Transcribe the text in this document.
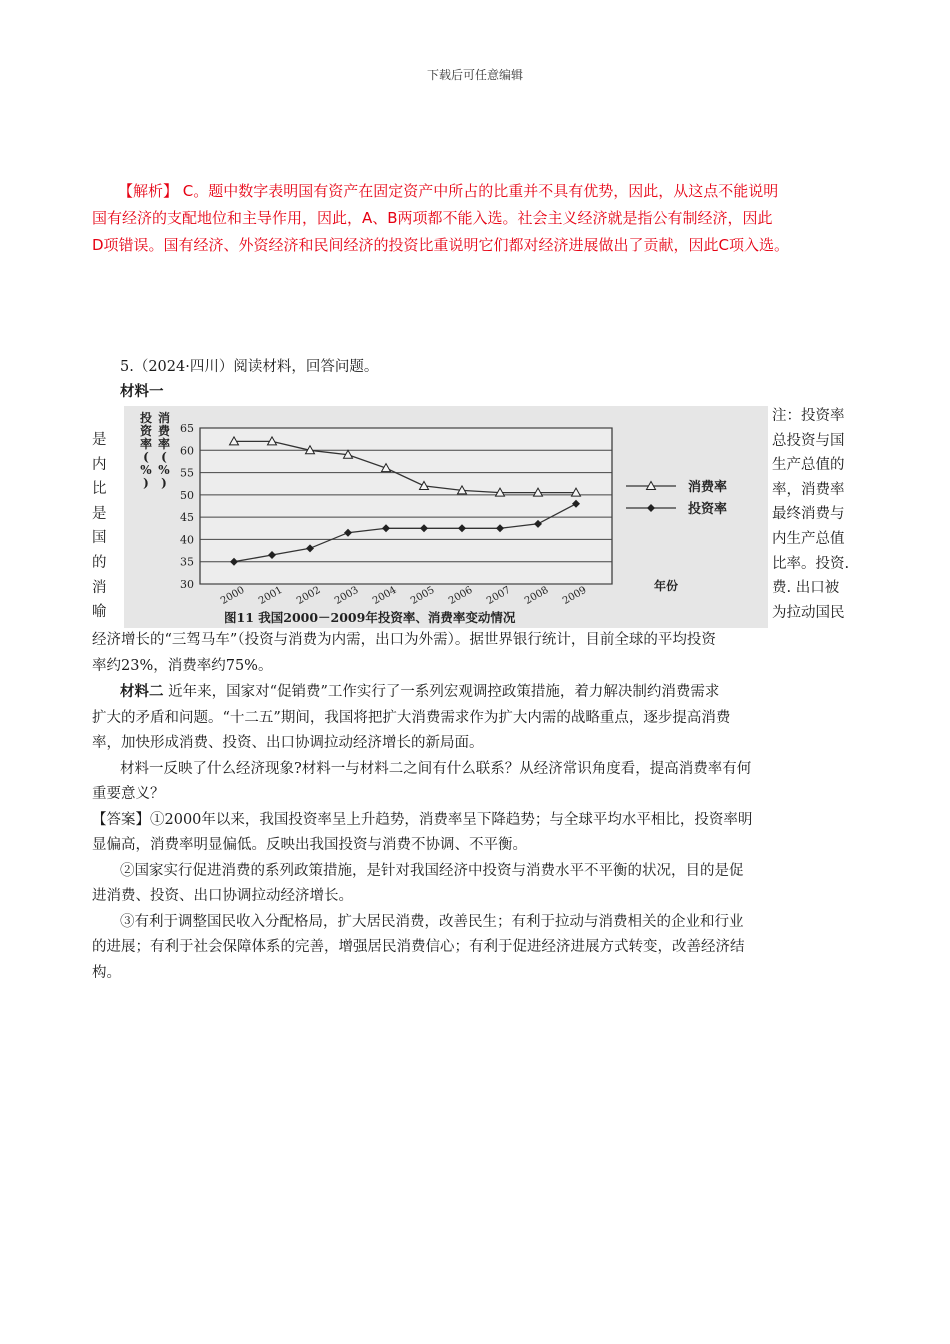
下载后可任意编辑

【解析】 C。题中数字表明国有资产在固定资产中所占的比重并不具有优势，因此，从这点不能说明

国有经济的支配地位和主导作用，因此，A、B两项都不能入选。社会主义经济就是指公有制经济，因此

D项错误。国有经济、外资经济和民间经济的投资比重说明它们都对经济进展做出了贡献，因此C项入选。

5.（2024·四川）阅读材料，回答问题。
材料一
是
内
比
是
国
的
消
喻
注：投资率
总投资与国
生产总值的
率，消费率
最终消费与
内生产总值
比率。投资.
费. 出口被
为拉动国民
30
35
40
45
50
55
60
65
投
资
率
(
%
)
消
费
率
(
%
)
2000 2001 2002 2003 2004 2005 2006 2007 2008 2009	年份
消费率
投资率
图11 我国2000－2009年投资率、消费率变动情况

经济增长的“三驾马车”（投资与消费为内需，出口为外需）。据世界银行统计，目前全球的平均投资

率约23%，消费率约75%。

材料二 近年来，国家对“促销费”工作实行了一系列宏观调控政策措施，着力解决制约消费需求

扩大的矛盾和问题。“十二五”期间，我国将把扩大消费需求作为扩大内需的战略重点，逐步提高消费

率，加快形成消费、投资、出口协调拉动经济增长的新局面。

材料一反映了什么经济现象?材料一与材料二之间有什么联系？从经济常识角度看，提高消费率有何

重要意义？

【答案】①2000年以来，我国投资率呈上升趋势，消费率呈下降趋势；与全球平均水平相比，投资率明

显偏高，消费率明显偏低。反映出我国投资与消费不协调、不平衡。

②国家实行促进消费的系列政策措施，是针对我国经济中投资与消费水平不平衡的状况，目的是促

进消费、投资、出口协调拉动经济增长。

③有利于调整国民收入分配格局，扩大居民消费，改善民生；有利于拉动与消费相关的企业和行业

的进展；有利于社会保障体系的完善，增强居民消费信心；有利于促进经济进展方式转变，改善经济结

构。
